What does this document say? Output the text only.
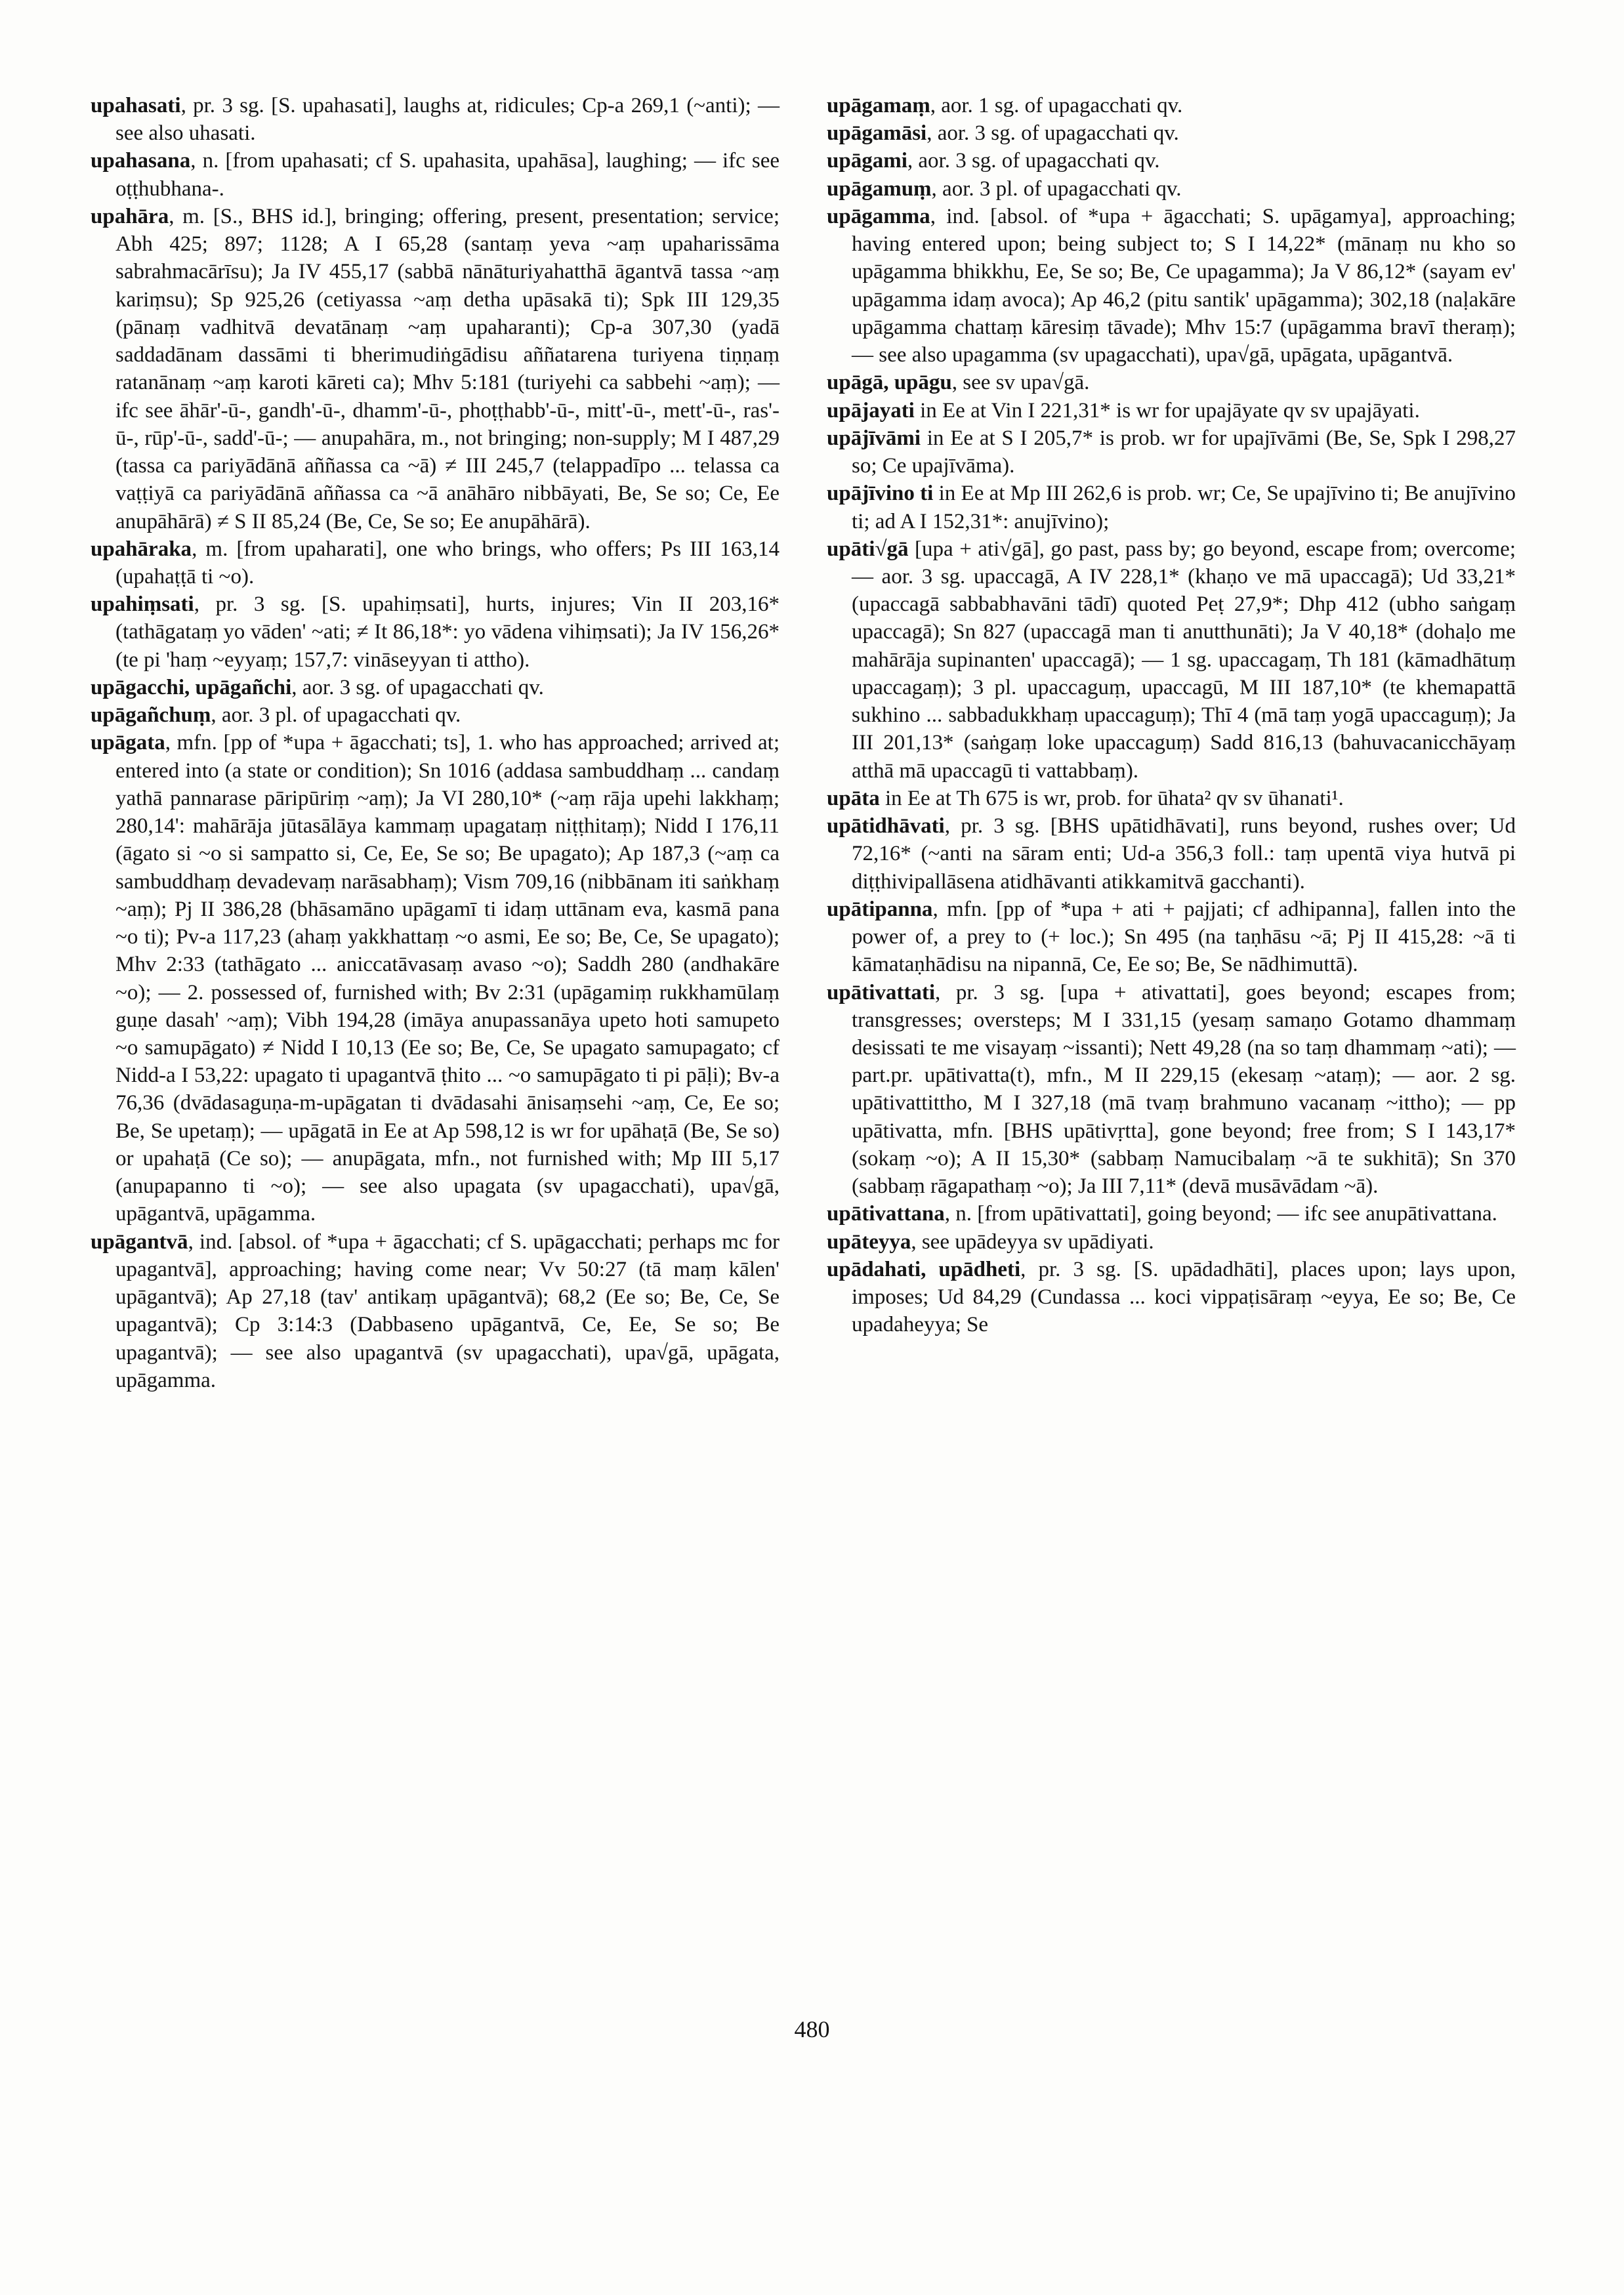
upahasati, pr. 3 sg. [S. upahasati], laughs at, ridicules; Cp-a 269,1 (~anti); — see also uhasati.

upahasana, n. [from upahasati; cf S. upahasita, upahāsa], laughing; — ifc see oṭṭhubhana-.

upahāra, m. [S., BHS id.], bringing; offering, present, presentation; service; Abh 425; 897; 1128; A I 65,28 (santaṃ yeva ~aṃ upaharissāma sabrahmacārīsu); Ja IV 455,17 (sabbā nānāturiyahatthā āgantvā tassa ~aṃ kariṃsu); Sp 925,26 (cetiyassa ~aṃ detha upāsakā ti); Spk III 129,35 (pānaṃ vadhitvā devatānaṃ ~aṃ upaharanti); Cp-a 307,30 (yadā saddadānam dassāmi ti bherimudiṅgādisu aññatarena turiyena tiṇṇaṃ ratanānaṃ ~aṃ karoti kāreti ca); Mhv 5:181 (turiyehi ca sabbehi ~aṃ); — ifc see āhār'-ū-, gandh'-ū-, dhamm'-ū-, phoṭṭhabb'-ū-, mitt'-ū-, mett'-ū-, ras'-ū-, rūp'-ū-, sadd'-ū-; — anupahāra, m., not bringing; non-supply; M I 487,29 (tassa ca pariyādānā aññassa ca ~ā) ≠ III 245,7 (telappadīpo ... telassa ca vaṭṭiyā ca pariyādānā aññassa ca ~ā anāhāro nibbāyati, Be, Se so; Ce, Ee anupāhārā) ≠ S II 85,24 (Be, Ce, Se so; Ee anupāhārā).

upahāraka, m. [from upaharati], one who brings, who offers; Ps III 163,14 (upahaṭṭā ti ~o).

upahiṃsati, pr. 3 sg. [S. upahiṃsati], hurts, injures; Vin II 203,16* (tathāgataṃ yo vāden' ~ati; ≠ It 86,18*: yo vādena vihiṃsati); Ja IV 156,26* (te pi 'haṃ ~eyyaṃ; 157,7: vināseyyan ti attho).

upāgacchi, upāgañchi, aor. 3 sg. of upagacchati qv.

upāgañchuṃ, aor. 3 pl. of upagacchati qv.

upāgata, mfn. [pp of *upa + āgacchati; ts], 1. who has approached; arrived at; entered into (a state or condition); Sn 1016 (addasa sambuddhaṃ ... candaṃ yathā pannarase pāripūriṃ ~aṃ); Ja VI 280,10* (~aṃ rāja upehi lakkhaṃ; 280,14': mahārāja jūtasālāya kammaṃ upagataṃ niṭṭhitaṃ); Nidd I 176,11 (āgato si ~o si sampatto si, Ce, Ee, Se so; Be upagato); Ap 187,3 (~aṃ ca sambuddhaṃ devadevaṃ narāsabhaṃ); Vism 709,16 (nibbānam iti saṅkhaṃ ~aṃ); Pj II 386,28 (bhāsamāno upāgamī ti idaṃ uttānam eva, kasmā pana ~o ti); Pv-a 117,23 (ahaṃ yakkhattaṃ ~o asmi, Ee so; Be, Ce, Se upagato); Mhv 2:33 (tathāgato ... aniccatāvasaṃ avaso ~o); Saddh 280 (andhakāre ~o); — 2. possessed of, furnished with; Bv 2:31 (upāgamiṃ rukkhamūlaṃ guṇe dasah' ~aṃ); Vibh 194,28 (imāya anupassanāya upeto hoti samupeto ~o samupāgato) ≠ Nidd I 10,13 (Ee so; Be, Ce, Se upagato samupagato; cf Nidd-a I 53,22: upagato ti upagantvā ṭhito ... ~o samupāgato ti pi pāḷi); Bv-a 76,36 (dvādasaguṇa-m-upāgatan ti dvādasahi ānisaṃsehi ~aṃ, Ce, Ee so; Be, Se upetaṃ); — upāgatā in Ee at Ap 598,12 is wr for upāhaṭā (Be, Se so) or upahaṭā (Ce so); — anupāgata, mfn., not furnished with; Mp III 5,17 (anupapanno ti ~o); — see also upagata (sv upagacchati), upa√gā, upāgantvā, upāgamma.

upāgantvā, ind. [absol. of *upa + āgacchati; cf S. upāgacchati; perhaps mc for upagantvā], approaching; having come near; Vv 50:27 (tā maṃ kālen' upāgantvā); Ap 27,18 (tav' antikaṃ upāgantvā); 68,2 (Ee so; Be, Ce, Se upagantvā); Cp 3:14:3 (Dabbaseno upāgantvā, Ce, Ee, Se so; Be upagantvā); — see also upagantvā (sv upagacchati), upa√gā, upāgata, upāgamma.

upāgamaṃ, aor. 1 sg. of upagacchati qv.

upāgamāsi, aor. 3 sg. of upagacchati qv.

upāgami, aor. 3 sg. of upagacchati qv.

upāgamuṃ, aor. 3 pl. of upagacchati qv.

upāgamma, ind. [absol. of *upa + āgacchati; S. upāgamya], approaching; having entered upon; being subject to; S I 14,22* (mānaṃ nu kho so upāgamma bhikkhu, Ee, Se so; Be, Ce upagamma); Ja V 86,12* (sayam ev' upāgamma idaṃ avoca); Ap 46,2 (pitu santik' upāgamma); 302,18 (naḷakāre upāgamma chattaṃ kāresiṃ tāvade); Mhv 15:7 (upāgamma bravī theraṃ); — see also upagamma (sv upagacchati), upa√gā, upāgata, upāgantvā.

upāgā, upāgu, see sv upa√gā.

upājayati in Ee at Vin I 221,31* is wr for upajāyate qv sv upajāyati.

upājīvāmi in Ee at S I 205,7* is prob. wr for upajīvāmi (Be, Se, Spk I 298,27 so; Ce upajīvāma).

upājīvino ti in Ee at Mp III 262,6 is prob. wr; Ce, Se upajīvino ti; Be anujīvino ti; ad A I 152,31*: anujīvino);

upāti√gā [upa + ati√gā], go past, pass by; go beyond, escape from; overcome; — aor. 3 sg. upaccagā, A IV 228,1* (khaṇo ve mā upaccagā); Ud 33,21* (upaccagā sabbabhavāni tādī) quoted Peṭ 27,9*; Dhp 412 (ubho saṅgaṃ upaccagā); Sn 827 (upaccagā man ti anutthunāti); Ja V 40,18* (dohaḷo me mahārāja supinanten' upaccagā); — 1 sg. upaccagaṃ, Th 181 (kāmadhātuṃ upaccagaṃ); 3 pl. upaccaguṃ, upaccagū, M III 187,10* (te khemapattā sukhino ... sabbadukkhaṃ upaccaguṃ); Thī 4 (mā taṃ yogā upaccaguṃ); Ja III 201,13* (saṅgaṃ loke upaccaguṃ) Sadd 816,13 (bahuvacanicchāyaṃ atthā mā upaccagū ti vattabbaṃ).

upāta in Ee at Th 675 is wr, prob. for ūhata² qv sv ūhanati¹.

upātidhāvati, pr. 3 sg. [BHS upātidhāvati], runs beyond, rushes over; Ud 72,16* (~anti na sāram enti; Ud-a 356,3 foll.: taṃ upentā viya hutvā pi diṭṭhivipallāsena atidhāvanti atikkamitvā gacchanti).

upātipanna, mfn. [pp of *upa + ati + pajjati; cf adhipanna], fallen into the power of, a prey to (+ loc.); Sn 495 (na taṇhāsu ~ā; Pj II 415,28: ~ā ti kāmataṇhādisu na nipannā, Ce, Ee so; Be, Se nādhimuttā).

upātivattati, pr. 3 sg. [upa + ativattati], goes beyond; escapes from; transgresses; oversteps; M I 331,15 (yesaṃ samaṇo Gotamo dhammaṃ desissati te me visayaṃ ~issanti); Nett 49,28 (na so taṃ dhammaṃ ~ati); — part.pr. upātivatta(t), mfn., M II 229,15 (ekesaṃ ~ataṃ); — aor. 2 sg. upātivattittho, M I 327,18 (mā tvaṃ brahmuno vacanaṃ ~ittho); — pp upātivatta, mfn. [BHS upātivṛtta], gone beyond; free from; S I 143,17* (sokaṃ ~o); A II 15,30* (sabbaṃ Namucibalaṃ ~ā te sukhitā); Sn 370 (sabbaṃ rāgapathaṃ ~o); Ja III 7,11* (devā musāvādam ~ā).

upātivattana, n. [from upātivattati], going beyond; — ifc see anupātivattana.

upāteyya, see upādeyya sv upādiyati.

upādahati, upādheti, pr. 3 sg. [S. upādadhāti], places upon; lays upon, imposes; Ud 84,29 (Cundassa ... koci vippaṭisāraṃ ~eyya, Ee so; Be, Ce upadaheyya; Se

480
